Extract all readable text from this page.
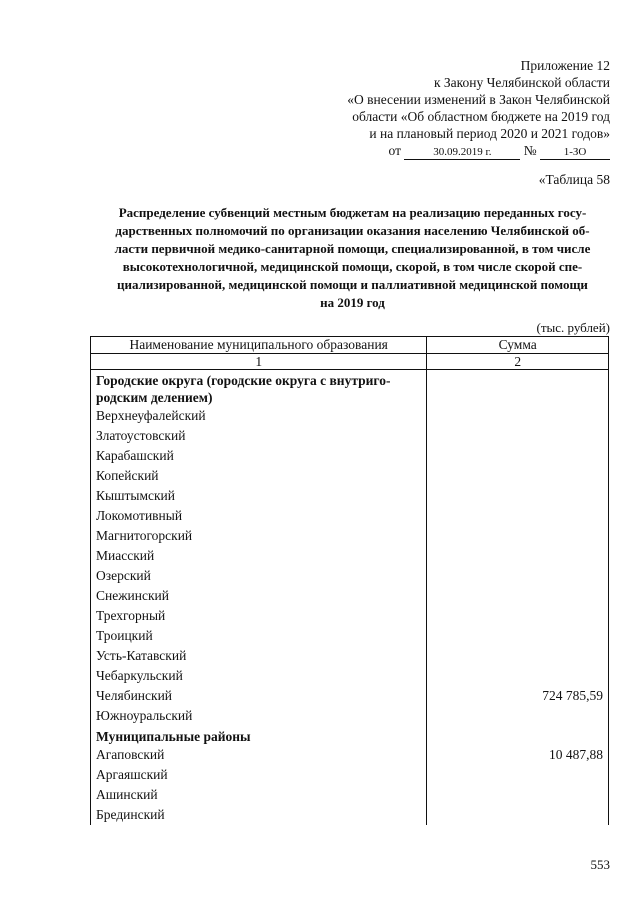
Приложение 12
к Закону Челябинской области
«О внесении изменений в Закон Челябинской
области «Об областном бюджете на 2019 год
и на плановый период 2020 и 2021 годов»
от	30.09.2019 г. № 1-ЗО
«Таблица 58
Распределение субвенций местным бюджетам на реализацию переданных госу-
дарственных полномочий по организации оказания населению Челябинской об-
ласти первичной медико-санитарной помощи, специализированной, в том числе
высокотехнологичной, медицинской помощи, скорой, в том числе скорой спе-
циализированной, медицинской помощи и паллиативной медицинской помощи
на 2019 год
(тыс. рублей)
Наименование муниципального образования	Сумма
1	2
Городские округа (городские округа с внутриго-
родским делением)	
Верхнеуфалейский	
Златоустовский	
Карабашский	
Копейский	
Кыштымский	
Локомотивный	
Магнитогорский	
Миасский	
Озерский	
Снежинский	
Трехгорный	
Троицкий	
Усть-Катавский	
Чебаркульский	
Челябинский	724 785,59
Южноуральский	
Муниципальные районы	
Агаповский	10 487,88
Аргаяшский	
Ашинский	
Брединский	
553
